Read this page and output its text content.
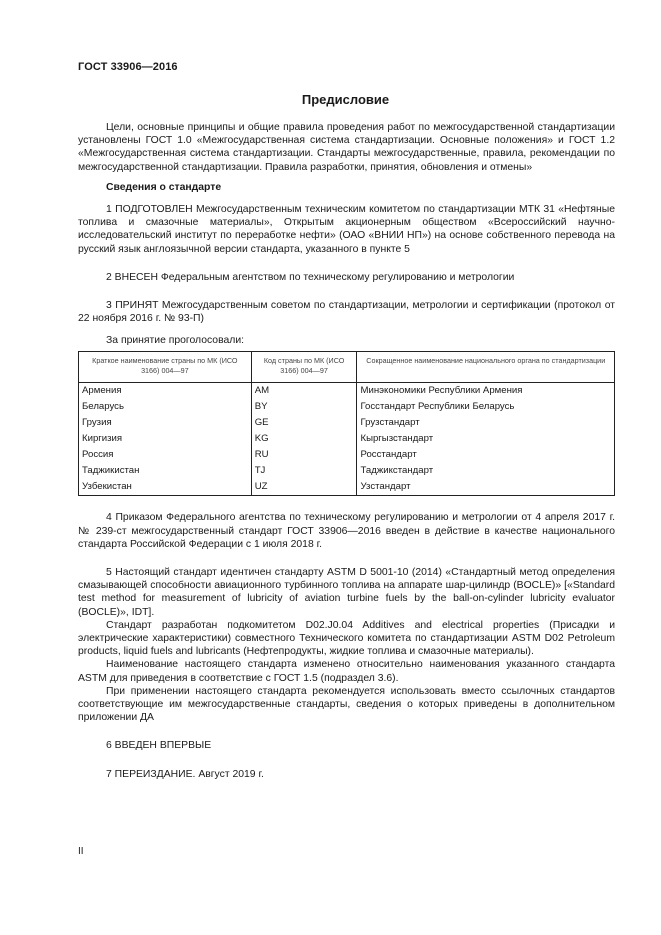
ГОСТ 33906—2016
Предисловие

Цели, основные принципы и общие правила проведения работ по межгосударственной стандартизации установлены ГОСТ 1.0 «Межгосударственная система стандартизации. Основные положения» и ГОСТ 1.2 «Межгосударственная система стандартизации. Стандарты межгосударственные, правила, рекомендации по межгосударственной стандартизации. Правила разработки, принятия, обновления и отмены»

Сведения о стандарте

1 ПОДГОТОВЛЕН Межгосударственным техническим комитетом по стандартизации МТК 31 «Нефтяные топлива и смазочные материалы», Открытым акционерным обществом «Всероссийский научно-исследовательский институт по переработке нефти» (ОАО «ВНИИ НП») на основе собственного перевода на русский язык англоязычной версии стандарта, указанного в пункте 5

2 ВНЕСЕН Федеральным агентством по техническому регулированию и метрологии

3 ПРИНЯТ Межгосударственным советом по стандартизации, метрологии и сертификации (протокол от 22 ноября 2016 г. № 93-П)

За принятие проголосовали:

Краткое наименование страны по МК (ИСО 3166) 004—97	Код страны по МК (ИСО 3166) 004—97	Сокращенное наименование национального органа по стандартизации
Армения	AM	Минэкономики Республики Армения
Беларусь	BY	Госстандарт Республики Беларусь
Грузия	GE	Грузстандарт
Киргизия	KG	Кыргызстандарт
Россия	RU	Росстандарт
Таджикистан	TJ	Таджикстандарт
Узбекистан	UZ	Узстандарт

4 Приказом Федерального агентства по техническому регулированию и метрологии от 4 апреля 2017 г. № 239-ст межгосударственный стандарт ГОСТ 33906—2016 введен в действие в качестве национального стандарта Российской Федерации с 1 июля 2018 г.

5 Настоящий стандарт идентичен стандарту ASTM D 5001-10 (2014) «Стандартный метод определения смазывающей способности авиационного турбинного топлива на аппарате шар-цилиндр (BOCLE)» [«Standard test method for measurement of lubricity of aviation turbine fuels by the ball-on-cylinder lubricity evaluator (BOCLE)», IDT].

Стандарт разработан подкомитетом D02.J0.04 Additives and electrical properties (Присадки и электрические характеристики) совместного Технического комитета по стандартизации ASTM D02 Petroleum products, liquid fuels and lubricants (Нефтепродукты, жидкие топлива и смазочные материалы).

Наименование настоящего стандарта изменено относительно наименования указанного стандарта ASTM для приведения в соответствие с ГОСТ 1.5 (подраздел 3.6).

При применении настоящего стандарта рекомендуется использовать вместо ссылочных стандартов соответствующие им межгосударственные стандарты, сведения о которых приведены в дополнительном приложении ДА

6 ВВЕДЕН ВПЕРВЫЕ

7 ПЕРЕИЗДАНИЕ. Август 2019 г.

II
